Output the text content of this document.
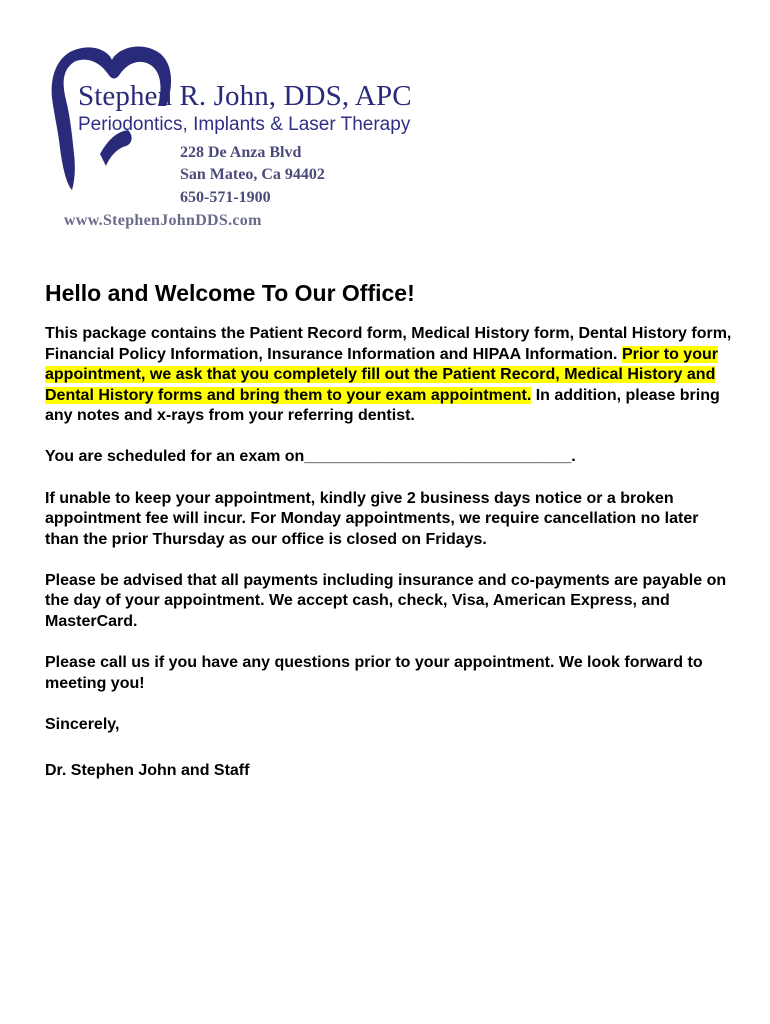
Stephen R. John, DDS, APC
Periodontics, Implants & Laser Therapy
228 De Anza Blvd
San Mateo, Ca 94402
650-571-1900
www.StephenJohnDDS.com
Hello and Welcome To Our Office!

This package contains the Patient Record form, Medical History form, Dental History form, Financial Policy Information, Insurance Information and HIPAA Information. Prior to your appointment, we ask that you completely fill out the Patient Record, Medical History and Dental History forms and bring them to your exam appointment. In addition, please bring any notes and x-rays from your referring dentist.

You are scheduled for an exam on______________________________.

If unable to keep your appointment, kindly give 2 business days notice or a broken appointment fee will incur. For Monday appointments, we require cancellation no later than the prior Thursday as our office is closed on Fridays.

Please be advised that all payments including insurance and co-payments are payable on the day of your appointment. We accept cash, check, Visa, American Express, and MasterCard.

Please call us if you have any questions prior to your appointment. We look forward to meeting you!

Sincerely,

Dr. Stephen John and Staff
